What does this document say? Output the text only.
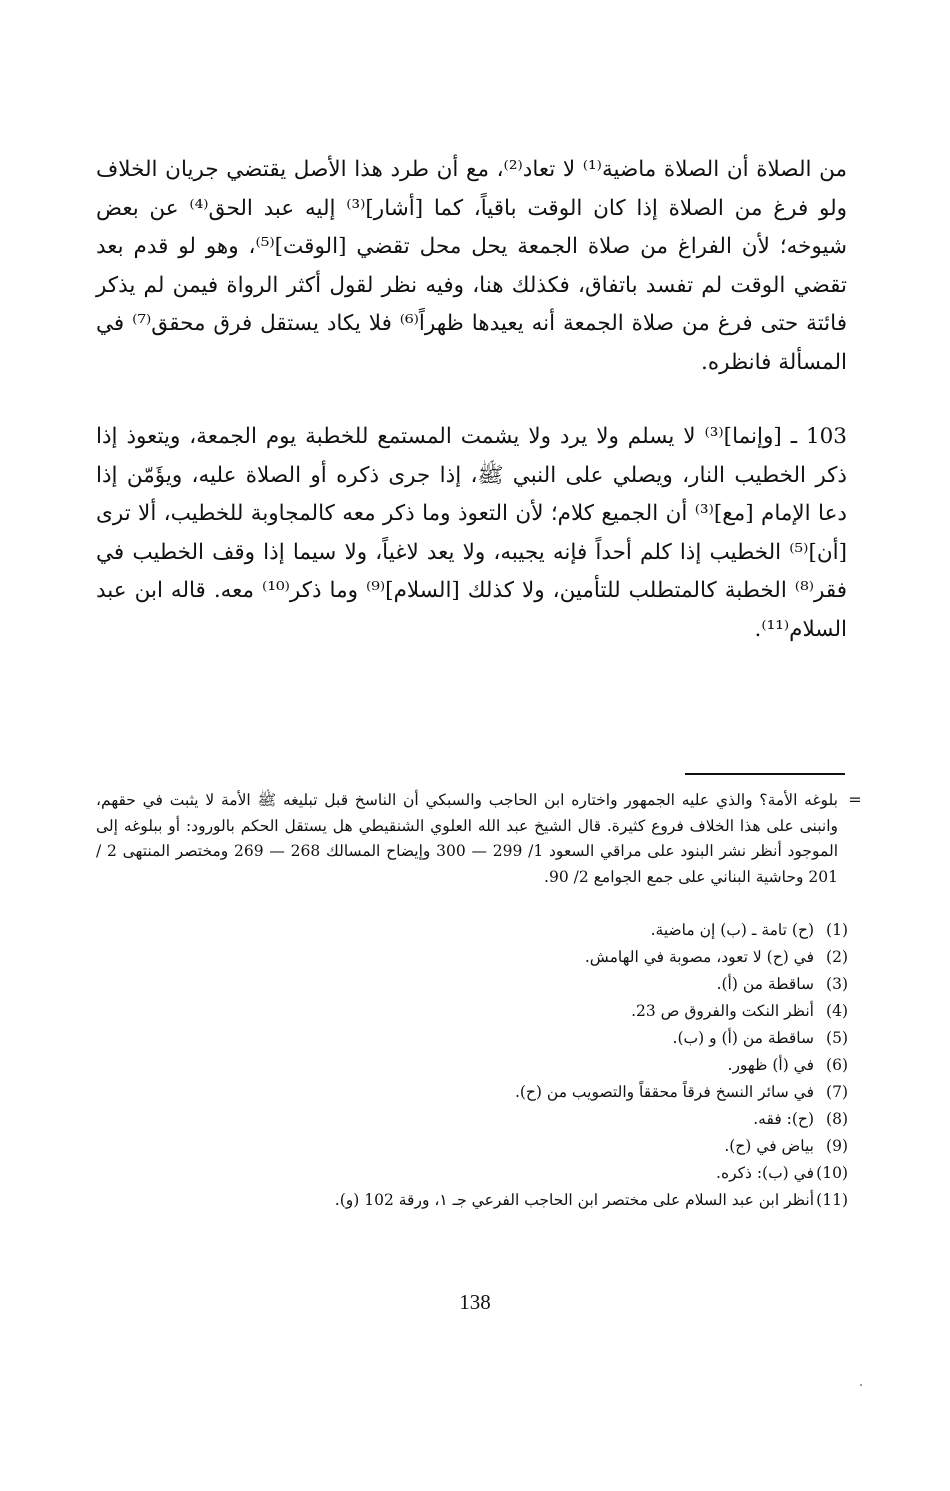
من الصلاة أن الصلاة ماضية⁽¹⁾ لا تعاد⁽²⁾، مع أن طرد هذا الأصل يقتضي جريان الخلاف ولو فرغ من الصلاة إذا كان الوقت باقياً، كما [أشار]⁽³⁾ إليه عبد الحق⁽⁴⁾ عن بعض شيوخه؛ لأن الفراغ من صلاة الجمعة يحل محل تقضي [الوقت]⁽⁵⁾، وهو لو قدم بعد تقضي الوقت لم تفسد باتفاق، فكذلك هنا، وفيه نظر لقول أكثر الرواة فيمن لم يذكر فائتة حتى فرغ من صلاة الجمعة أنه يعيدها ظهراً⁽⁶⁾ فلا يكاد يستقل فرق محقق⁽⁷⁾ في المسألة فانظره.

103 ـ [وإنما]⁽³⁾ لا يسلم ولا يرد ولا يشمت المستمع للخطبة يوم الجمعة، ويتعوذ إذا ذكر الخطيب النار، ويصلي على النبي ﷺ، إذا جرى ذكره أو الصلاة عليه، ويؤَمّن إذا دعا الإمام [مع]⁽³⁾ أن الجميع كلام؛ لأن التعوذ وما ذكر معه كالمجاوبة للخطيب، ألا ترى [أن]⁽⁵⁾ الخطيب إذا كلم أحداً فإنه يجيبه، ولا يعد لاغياً، ولا سيما إذا وقف الخطيب في فقر⁽⁸⁾ الخطبة كالمتطلب للتأمين، ولا كذلك [السلام]⁽⁹⁾ وما ذكر⁽¹⁰⁾ معه. قاله ابن عبد السلام⁽¹¹⁾.

=

بلوغه الأمة؟ والذي عليه الجمهور واختاره ابن الحاجب والسبكي أن الناسخ قبل تبليغه ﷺ الأمة لا يثبت في حقهم، وانبنى على هذا الخلاف فروع كثيرة. قال الشيخ عبد الله العلوي الشنقيطي هل يستقل الحكم بالورود: أو ببلوغه إلى الموجود أنظر نشر البنود على مراقي السعود 1/ 299 — 300 وإيضاح المسالك 268 — 269 ومختصر المنتهى 2 / 201 وحاشية البناني على جمع الجوامع 2/ 90.

(1)
(ح) تامة ـ (ب) إن ماضية.
(2)
في (ح) لا تعود، مصوبة في الهامش.
(3)
ساقطة من (أ).
(4)
أنظر النكت والفروق ص 23.
(5)
ساقطة من (أ) و (ب).
(6)
في (أ) ظهور.
(7)
في سائر النسخ فرقاً محققاً والتصويب من (ح).
(8)
(ح): فقه.
(9)
بياض في (ح).
(10)
في (ب): ذكره.
(11)
أنظر ابن عبد السلام على مختصر ابن الحاجب الفرعي جـ ١، ورقة 102 (و).
138
